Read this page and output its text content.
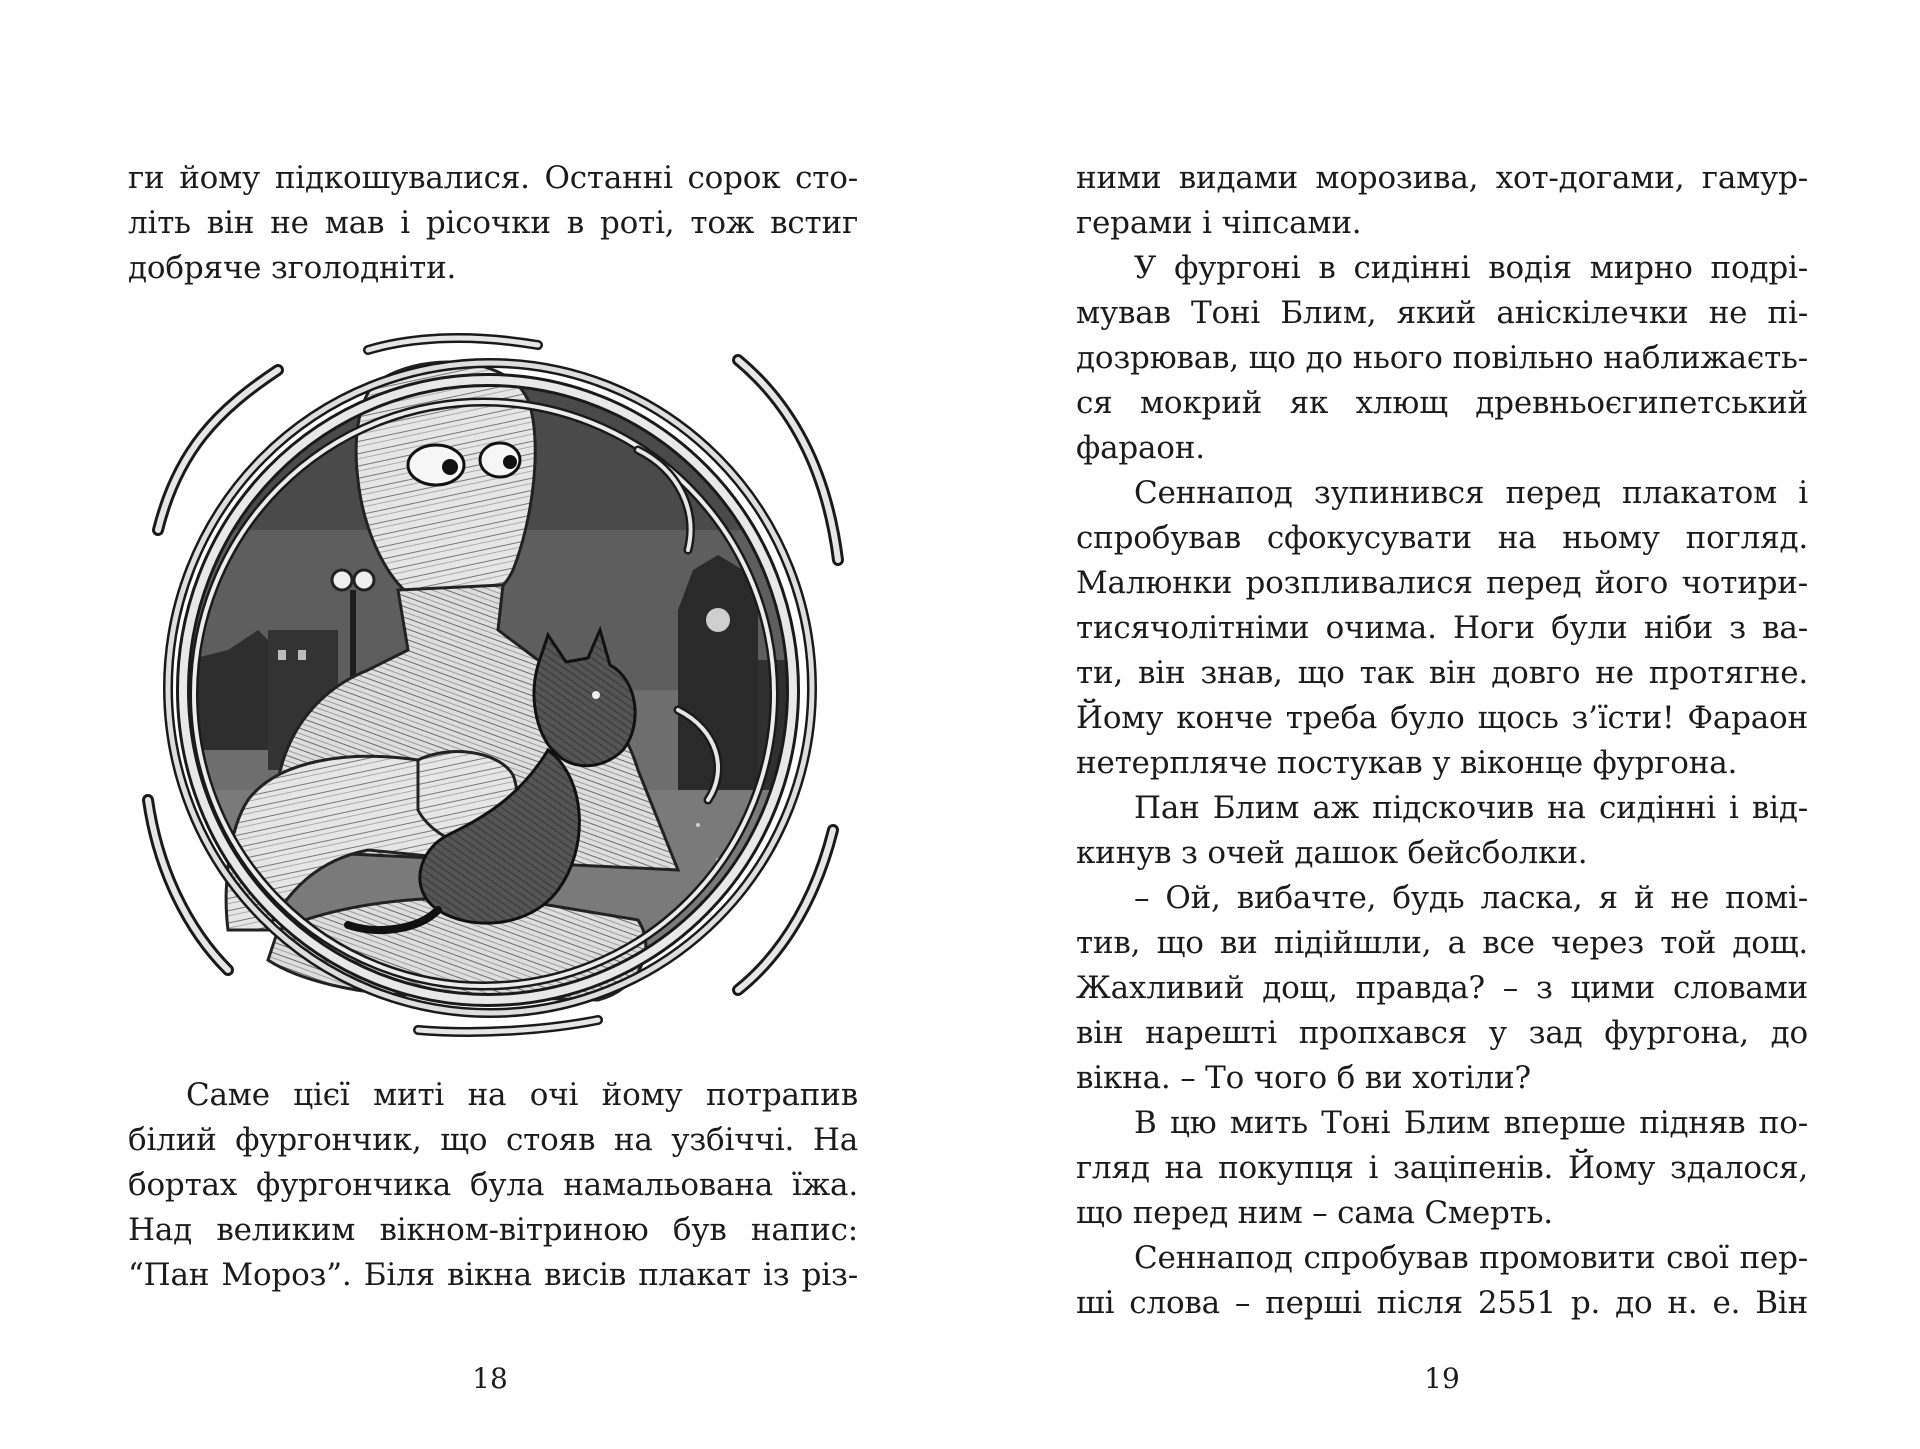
ги йому підкошувалися. Останні сорок сто-
літь він не мав і рісочки в роті, тож встиг
добряче зголодніти.
Саме цієї миті на очі йому потрапив
білий фургончик, що стояв на узбіччі. На
бортах фургончика була намальована їжа.
Над великим вікном-вітриною був напис:
“Пан Мороз”. Біля вікна висів плакат із різ-
18
ними видами морозива, хот-догами, гамур-
герами і чіпсами.
У фургоні в сидінні водія мирно подрі-
мував Тоні Блим, який аніскілечки не пі-
дозрював, що до нього повільно наближаєть-
ся мокрий як хлющ древньоєгипетський
фараон.
Сеннапод зупинився перед плакатом і
спробував сфокусувати на ньому погляд.
Малюнки розпливалися перед його чотири-
тисячолітніми очима. Ноги були ніби з ва-
ти, він знав, що так він довго не протягне.
Йому конче треба було щось з’їсти! Фараон
нетерпляче постукав у віконце фургона.
Пан Блим аж підскочив на сидінні і від-
кинув з очей дашок бейсболки.
– Ой, вибачте, будь ласка, я й не помі-
тив, що ви підійшли, а все через той дощ.
Жахливий дощ, правда? – з цими словами
він нарешті пропхався у зад фургона, до
вікна. – То чого б ви хотіли?
В цю мить Тоні Блим вперше підняв по-
гляд на покупця і заціпенів. Йому здалося,
що перед ним – сама Смерть.
Сеннапод спробував промовити свої пер-
ші слова – перші після 2551 р. до н. е. Він
19
